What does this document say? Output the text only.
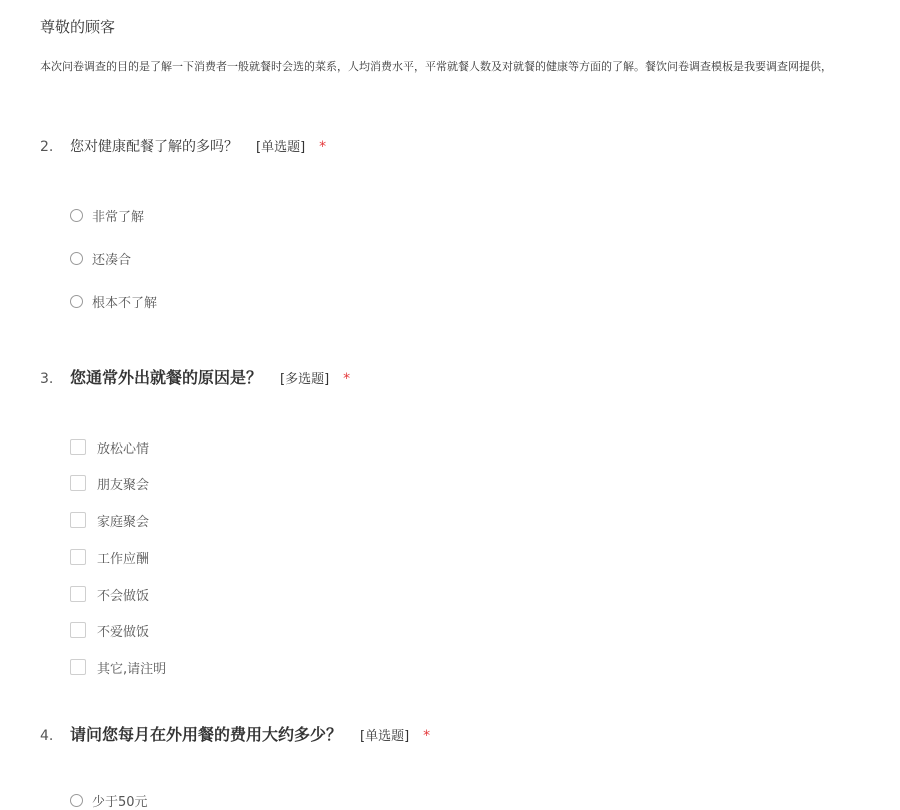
尊敬的顾客
本次问卷调查的目的是了解一下消费者一般就餐时会选的菜系，人均消费水平，平常就餐人数及对就餐的健康等方面的了解。餐饮问卷调查模板是我要调查网提供，
2.	您对健康配餐了解的多吗？ [单选题] *
非常了解
还凑合
根本不了解
3.	您通常外出就餐的原因是？ [多选题] *
放松心情
朋友聚会
家庭聚会
工作应酬
不会做饭
不爱做饭
其它,请注明
4.	请问您每月在外用餐的费用大约多少？ [单选题] *
少于50元
